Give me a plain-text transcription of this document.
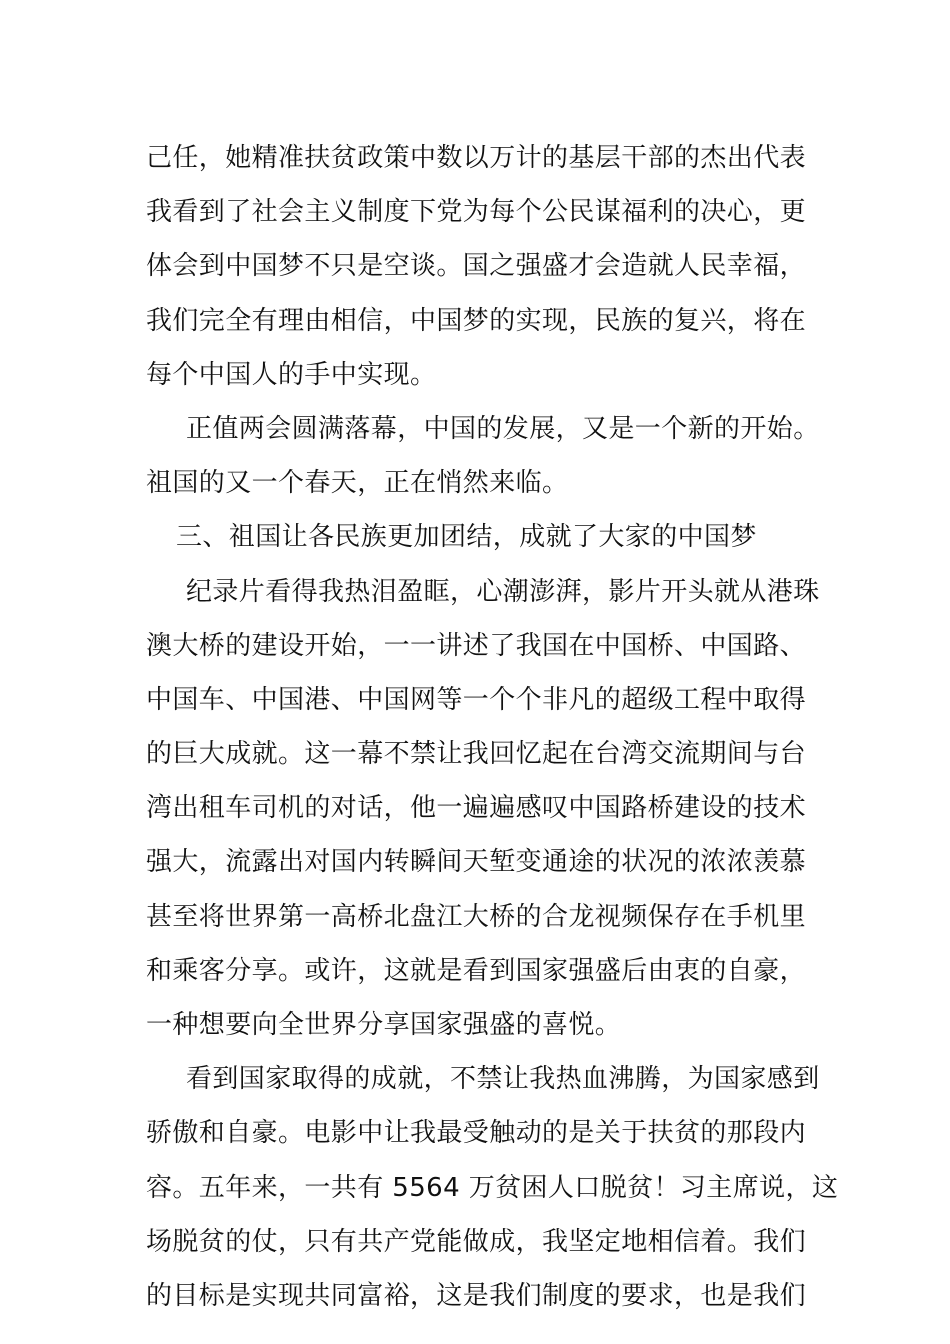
己任，她精准扶贫政策中数以万计的基层干部的杰出代表
我看到了社会主义制度下党为每个公民谋福利的决心，更
体会到中国梦不只是空谈。国之强盛才会造就人民幸福，
我们完全有理由相信，中国梦的实现，民族的复兴，将在
每个中国人的手中实现。
正值两会圆满落幕，中国的发展，又是一个新的开始。
祖国的又一个春天，正在悄然来临。
三、祖国让各民族更加团结，成就了大家的中国梦
纪录片看得我热泪盈眶，心潮澎湃，影片开头就从港珠
澳大桥的建设开始，一一讲述了我国在中国桥、中国路、
中国车、中国港、中国网等一个个非凡的超级工程中取得
的巨大成就。这一幕不禁让我回忆起在台湾交流期间与台
湾出租车司机的对话，他一遍遍感叹中国路桥建设的技术
强大，流露出对国内转瞬间天堑变通途的状况的浓浓羡慕
甚至将世界第一高桥北盘江大桥的合龙视频保存在手机里
和乘客分享。或许，这就是看到国家强盛后由衷的自豪，
一种想要向全世界分享国家强盛的喜悦。
看到国家取得的成就，不禁让我热血沸腾，为国家感到
骄傲和自豪。电影中让我最受触动的是关于扶贫的那段内
容。五年来，一共有 5564 万贫困人口脱贫！习主席说，这
场脱贫的仗，只有共产党能做成，我坚定地相信着。我们
的目标是实现共同富裕，这是我们制度的要求，也是我们
